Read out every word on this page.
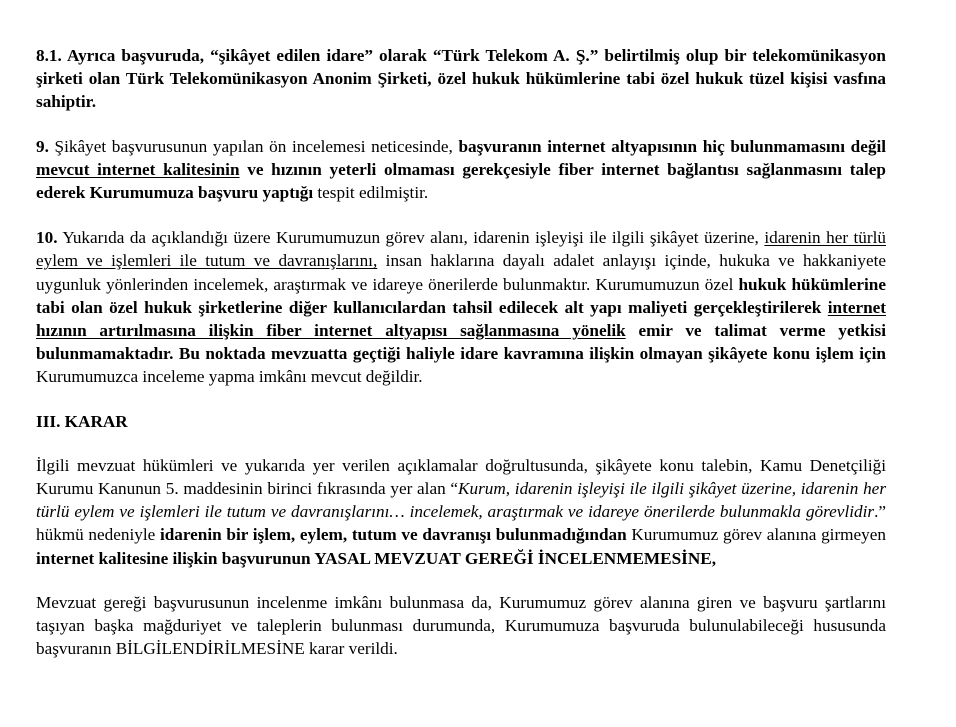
8.1. Ayrıca başvuruda, “şikâyet edilen idare” olarak “Türk Telekom A. Ş.” belirtilmiş olup bir telekomünikasyon şirketi olan Türk Telekomünikasyon Anonim Şirketi, özel hukuk hükümlerine tabi özel hukuk tüzel kişisi vasfına sahiptir.

9. Şikâyet başvurusunun yapılan ön incelemesi neticesinde, başvuranın internet altyapısının hiç bulunmamasını değil mevcut internet kalitesinin ve hızının yeterli olmaması gerekçesiyle fiber internet bağlantısı sağlanmasını talep ederek Kurumumuza başvuru yaptığı tespit edilmiştir.

10. Yukarıda da açıklandığı üzere Kurumumuzun görev alanı, idarenin işleyişi ile ilgili şikâyet üzerine, idarenin her türlü eylem ve işlemleri ile tutum ve davranışlarını, insan haklarına dayalı adalet anlayışı içinde, hukuka ve hakkaniyete uygunluk yönlerinden incelemek, araştırmak ve idareye önerilerde bulunmaktır. Kurumumuzun özel hukuk hükümlerine tabi olan özel hukuk şirketlerine diğer kullanıcılardan tahsil edilecek alt yapı maliyeti gerçekleştirilerek internet hızının artırılmasına ilişkin fiber internet altyapısı sağlanmasına yönelik emir ve talimat verme yetkisi bulunmamaktadır. Bu noktada mevzuatta geçtiği haliyle idare kavramına ilişkin olmayan şikâyete konu işlem için Kurumumuzca inceleme yapma imkânı mevcut değildir.

III. KARAR

İlgili mevzuat hükümleri ve yukarıda yer verilen açıklamalar doğrultusunda, şikâyete konu talebin, Kamu Denetçiliği Kurumu Kanunun 5. maddesinin birinci fıkrasında yer alan “Kurum, idarenin işleyişi ile ilgili şikâyet üzerine, idarenin her türlü eylem ve işlemleri ile tutum ve davranışlarını… incelemek, araştırmak ve idareye önerilerde bulunmakla görevlidir.” hükmü nedeniyle idarenin bir işlem, eylem, tutum ve davranışı bulunmadığından Kurumumuz görev alanına girmeyen internet kalitesine ilişkin başvurunun YASAL MEVZUAT GEREĞİ İNCELENMEMESİNE,

Mevzuat gereği başvurusunun incelenme imkânı bulunmasa da, Kurumumuz görev alanına giren ve başvuru şartlarını taşıyan başka mağduriyet ve taleplerin bulunması durumunda, Kurumumuza başvuruda bulunulabileceği hususunda başvuranın BİLGİLENDİRİLMESİNE karar verildi.
